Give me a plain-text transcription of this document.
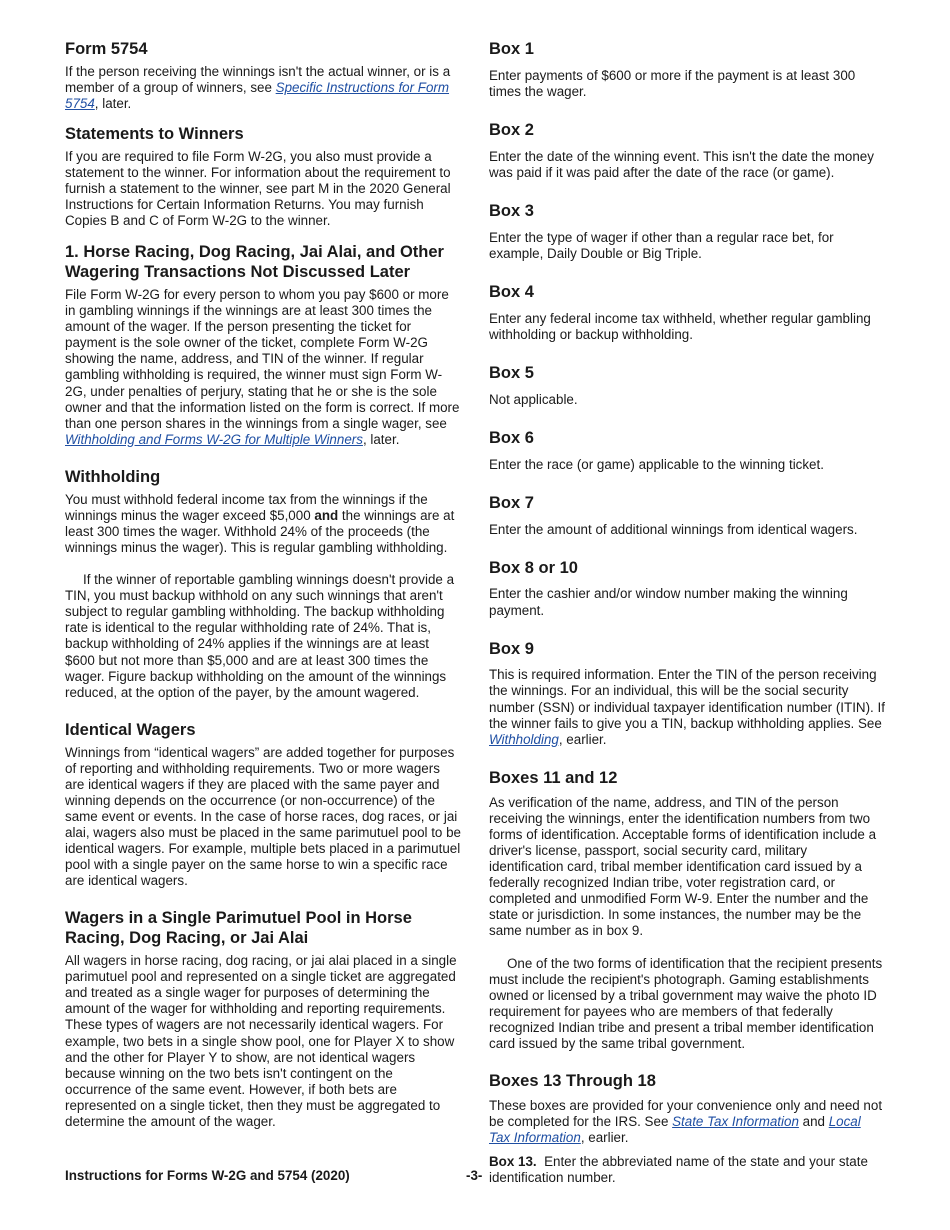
Form 5754

If the person receiving the winnings isn't the actual winner, or is a member of a group of winners, see Specific Instructions for Form 5754, later.

Statements to Winners

If you are required to file Form W-2G, you also must provide a statement to the winner. For information about the requirement to furnish a statement to the winner, see part M in the 2020 General Instructions for Certain Information Returns. You may furnish Copies B and C of Form W-2G to the winner.

1. Horse Racing, Dog Racing, Jai Alai, and Other Wagering Transactions Not Discussed Later

File Form W-2G for every person to whom you pay $600 or more in gambling winnings if the winnings are at least 300 times the amount of the wager. If the person presenting the ticket for payment is the sole owner of the ticket, complete Form W-2G showing the name, address, and TIN of the winner. If regular gambling withholding is required, the winner must sign Form W-2G, under penalties of perjury, stating that he or she is the sole owner and that the information listed on the form is correct. If more than one person shares in the winnings from a single wager, see Withholding and Forms W-2G for Multiple Winners, later.

Withholding

You must withhold federal income tax from the winnings if the winnings minus the wager exceed $5,000 and the winnings are at least 300 times the wager. Withhold 24% of the proceeds (the winnings minus the wager). This is regular gambling withholding.

If the winner of reportable gambling winnings doesn't provide a TIN, you must backup withhold on any such winnings that aren't subject to regular gambling withholding. The backup withholding rate is identical to the regular withholding rate of 24%. That is, backup withholding of 24% applies if the winnings are at least $600 but not more than $5,000 and are at least 300 times the wager. Figure backup withholding on the amount of the winnings reduced, at the option of the payer, by the amount wagered.

Identical Wagers

Winnings from “identical wagers” are added together for purposes of reporting and withholding requirements. Two or more wagers are identical wagers if they are placed with the same payer and winning depends on the occurrence (or non-occurrence) of the same event or events. In the case of horse races, dog races, or jai alai, wagers also must be placed in the same parimutuel pool to be identical wagers. For example, multiple bets placed in a parimutuel pool with a single payer on the same horse to win a specific race are identical wagers.

Wagers in a Single Parimutuel Pool in Horse Racing, Dog Racing, or Jai Alai

All wagers in horse racing, dog racing, or jai alai placed in a single parimutuel pool and represented on a single ticket are aggregated and treated as a single wager for purposes of determining the amount of the wager for withholding and reporting requirements. These types of wagers are not necessarily identical wagers. For example, two bets in a single show pool, one for Player X to show and the other for Player Y to show, are not identical wagers because winning on the two bets isn't contingent on the occurrence of the same event. However, if both bets are represented on a single ticket, then they must be aggregated to determine the amount of the wager.

Box 1

Enter payments of $600 or more if the payment is at least 300 times the wager.

Box 2

Enter the date of the winning event. This isn't the date the money was paid if it was paid after the date of the race (or game).

Box 3

Enter the type of wager if other than a regular race bet, for example, Daily Double or Big Triple.

Box 4

Enter any federal income tax withheld, whether regular gambling withholding or backup withholding.

Box 5

Not applicable.

Box 6

Enter the race (or game) applicable to the winning ticket.

Box 7

Enter the amount of additional winnings from identical wagers.

Box 8 or 10

Enter the cashier and/or window number making the winning payment.

Box 9

This is required information. Enter the TIN of the person receiving the winnings. For an individual, this will be the social security number (SSN) or individual taxpayer identification number (ITIN). If the winner fails to give you a TIN, backup withholding applies. See Withholding, earlier.

Boxes 11 and 12

As verification of the name, address, and TIN of the person receiving the winnings, enter the identification numbers from two forms of identification. Acceptable forms of identification include a driver's license, passport, social security card, military identification card, tribal member identification card issued by a federally recognized Indian tribe, voter registration card, or completed and unmodified Form W-9. Enter the number and the state or jurisdiction. In some instances, the number may be the same number as in box 9.

One of the two forms of identification that the recipient presents must include the recipient's photograph. Gaming establishments owned or licensed by a tribal government may waive the photo ID requirement for payees who are members of that federally recognized Indian tribe and present a tribal member identification card issued by the same tribal government.

Boxes 13 Through 18

These boxes are provided for your convenience only and need not be completed for the IRS. See State Tax Information and Local Tax Information, earlier.

Box 13.  Enter the abbreviated name of the state and your state identification number.

Instructions for Forms W-2G and 5754 (2020)	-3-
